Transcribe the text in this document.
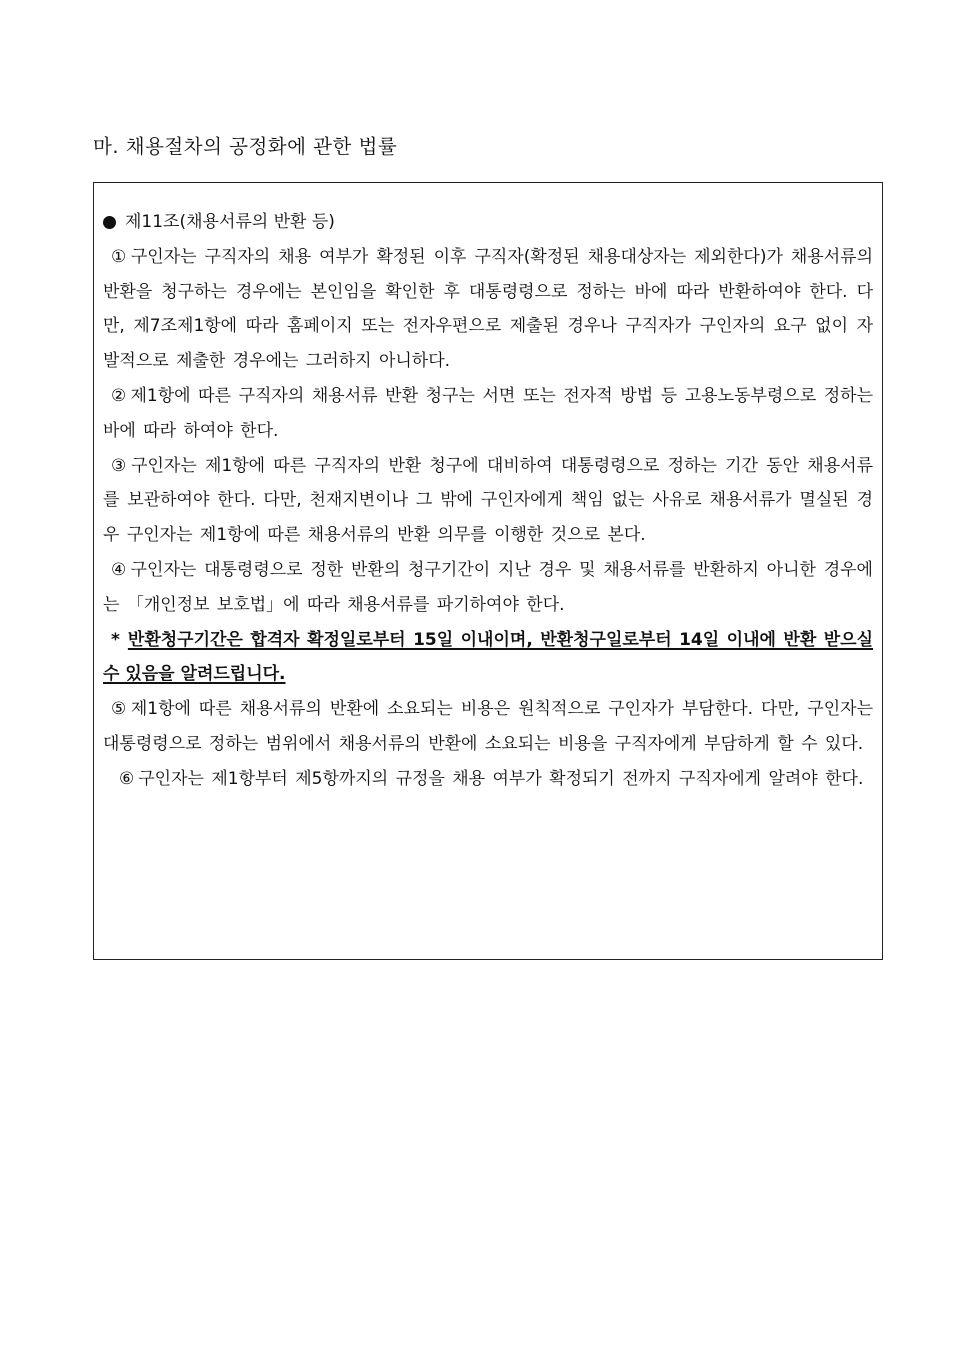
마. 채용절차의 공정화에 관한 법률
제11조(채용서류의 반환 등)

① 구인자는 구직자의 채용 여부가 확정된 이후 구직자(확정된 채용대상자는 제외한다)가 채용서류의 반환을 청구하는 경우에는 본인임을 확인한 후 대통령령으로 정하는 바에 따라 반환하여야 한다. 다만, 제7조제1항에 따라 홈페이지 또는 전자우편으로 제출된 경우나 구직자가 구인자의 요구 없이 자발적으로 제출한 경우에는 그러하지 아니하다.

② 제1항에 따른 구직자의 채용서류 반환 청구는 서면 또는 전자적 방법 등 고용노동부령으로 정하는 바에 따라 하여야 한다.

③ 구인자는 제1항에 따른 구직자의 반환 청구에 대비하여 대통령령으로 정하는 기간 동안 채용서류를 보관하여야 한다. 다만, 천재지변이나 그 밖에 구인자에게 책임 없는 사유로 채용서류가 멸실된 경우 구인자는 제1항에 따른 채용서류의 반환 의무를 이행한 것으로 본다.

④ 구인자는 대통령령으로 정한 반환의 청구기간이 지난 경우 및 채용서류를 반환하지 아니한 경우에는 「개인정보 보호법」에 따라 채용서류를 파기하여야 한다.

* 반환청구기간은 합격자 확정일로부터 15일 이내이며, 반환청구일로부터 14일 이내에 반환 받으실 수 있음을 알려드립니다.

⑤ 제1항에 따른 채용서류의 반환에 소요되는 비용은 원칙적으로 구인자가 부담한다. 다만, 구인자는 대통령령으로 정하는 범위에서 채용서류의 반환에 소요되는 비용을 구직자에게 부담하게 할 수 있다.

⑥ 구인자는 제1항부터 제5항까지의 규정을 채용 여부가 확정되기 전까지 구직자에게 알려야 한다.
